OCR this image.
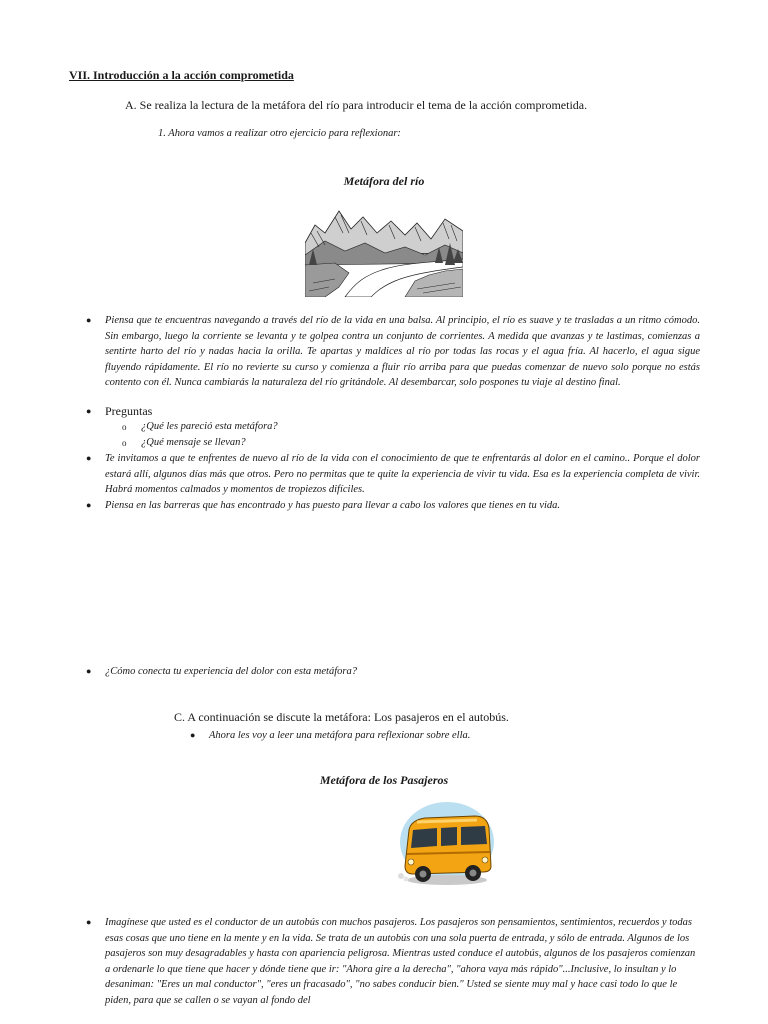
VII. Introducción a la acción comprometida
A. Se realiza la lectura de la metáfora del río para introducir el tema de la acción comprometida.
1. Ahora vamos a realizar otro ejercicio para reflexionar:
Metáfora del río
●	Piensa que te encuentras navegando a través del río de la vida en una balsa. Al principio, el río es suave y te trasladas a un ritmo cómodo. Sin embargo, luego la corriente se levanta y te golpea contra un conjunto de corrientes. A medida que avanzas y te lastimas, comienzas a sentirte harto del río y nadas hacia la orilla. Te apartas y maldices al río por todas las rocas y el agua fría. Al hacerlo, el agua sigue fluyendo rápidamente. El río no revierte su curso y comienza a fluir río arriba para que puedas comenzar de nuevo solo porque no estás contento con él. Nunca cambiarás la naturaleza del río gritándole. Al desembarcar, solo pospones tu viaje al destino final.
●	Preguntas
o	¿Qué les pareció esta metáfora?
o	¿Qué mensaje se llevan?
●	Te invitamos a que te enfrentes de nuevo al río de la vida con el conocimiento de que te enfrentarás al dolor en el camino.. Porque el dolor estará allí, algunos días más que otros. Pero no permitas que te quite la experiencia de vivir tu vida. Esa es la experiencia completa de vivir. Habrá momentos calmados y momentos de tropiezos difíciles.
●	Piensa en las barreras que has encontrado y has puesto para llevar a cabo los valores que tienes en tu vida.
●	¿Cómo conecta tu experiencia del dolor con esta metáfora?
C. A continuación se discute la metáfora: Los pasajeros en el autobús.
●	Ahora les voy a leer una metáfora para reflexionar sobre ella.
Metáfora de los Pasajeros
●	Imagínese que usted es el conductor de un autobús con muchos pasajeros. Los pasajeros son pensamientos, sentimientos, recuerdos y todas esas cosas que uno tiene en la mente y en la vida. Se trata de un autobús con una sola puerta de entrada, y sólo de entrada. Algunos de los pasajeros son muy desagradables y hasta con apariencia peligrosa. Mientras usted conduce el autobús, algunos de los pasajeros comienzan a ordenarle lo que tiene que hacer y dónde tiene que ir: "Ahora gire a la derecha", "ahora vaya más rápido"...Inclusive, lo insultan y lo desaniman: "Eres un mal conductor", "eres un fracasado", "no sabes conducir bien." Usted se siente muy mal y hace casi todo lo que le piden, para que se callen o se vayan al fondo del
